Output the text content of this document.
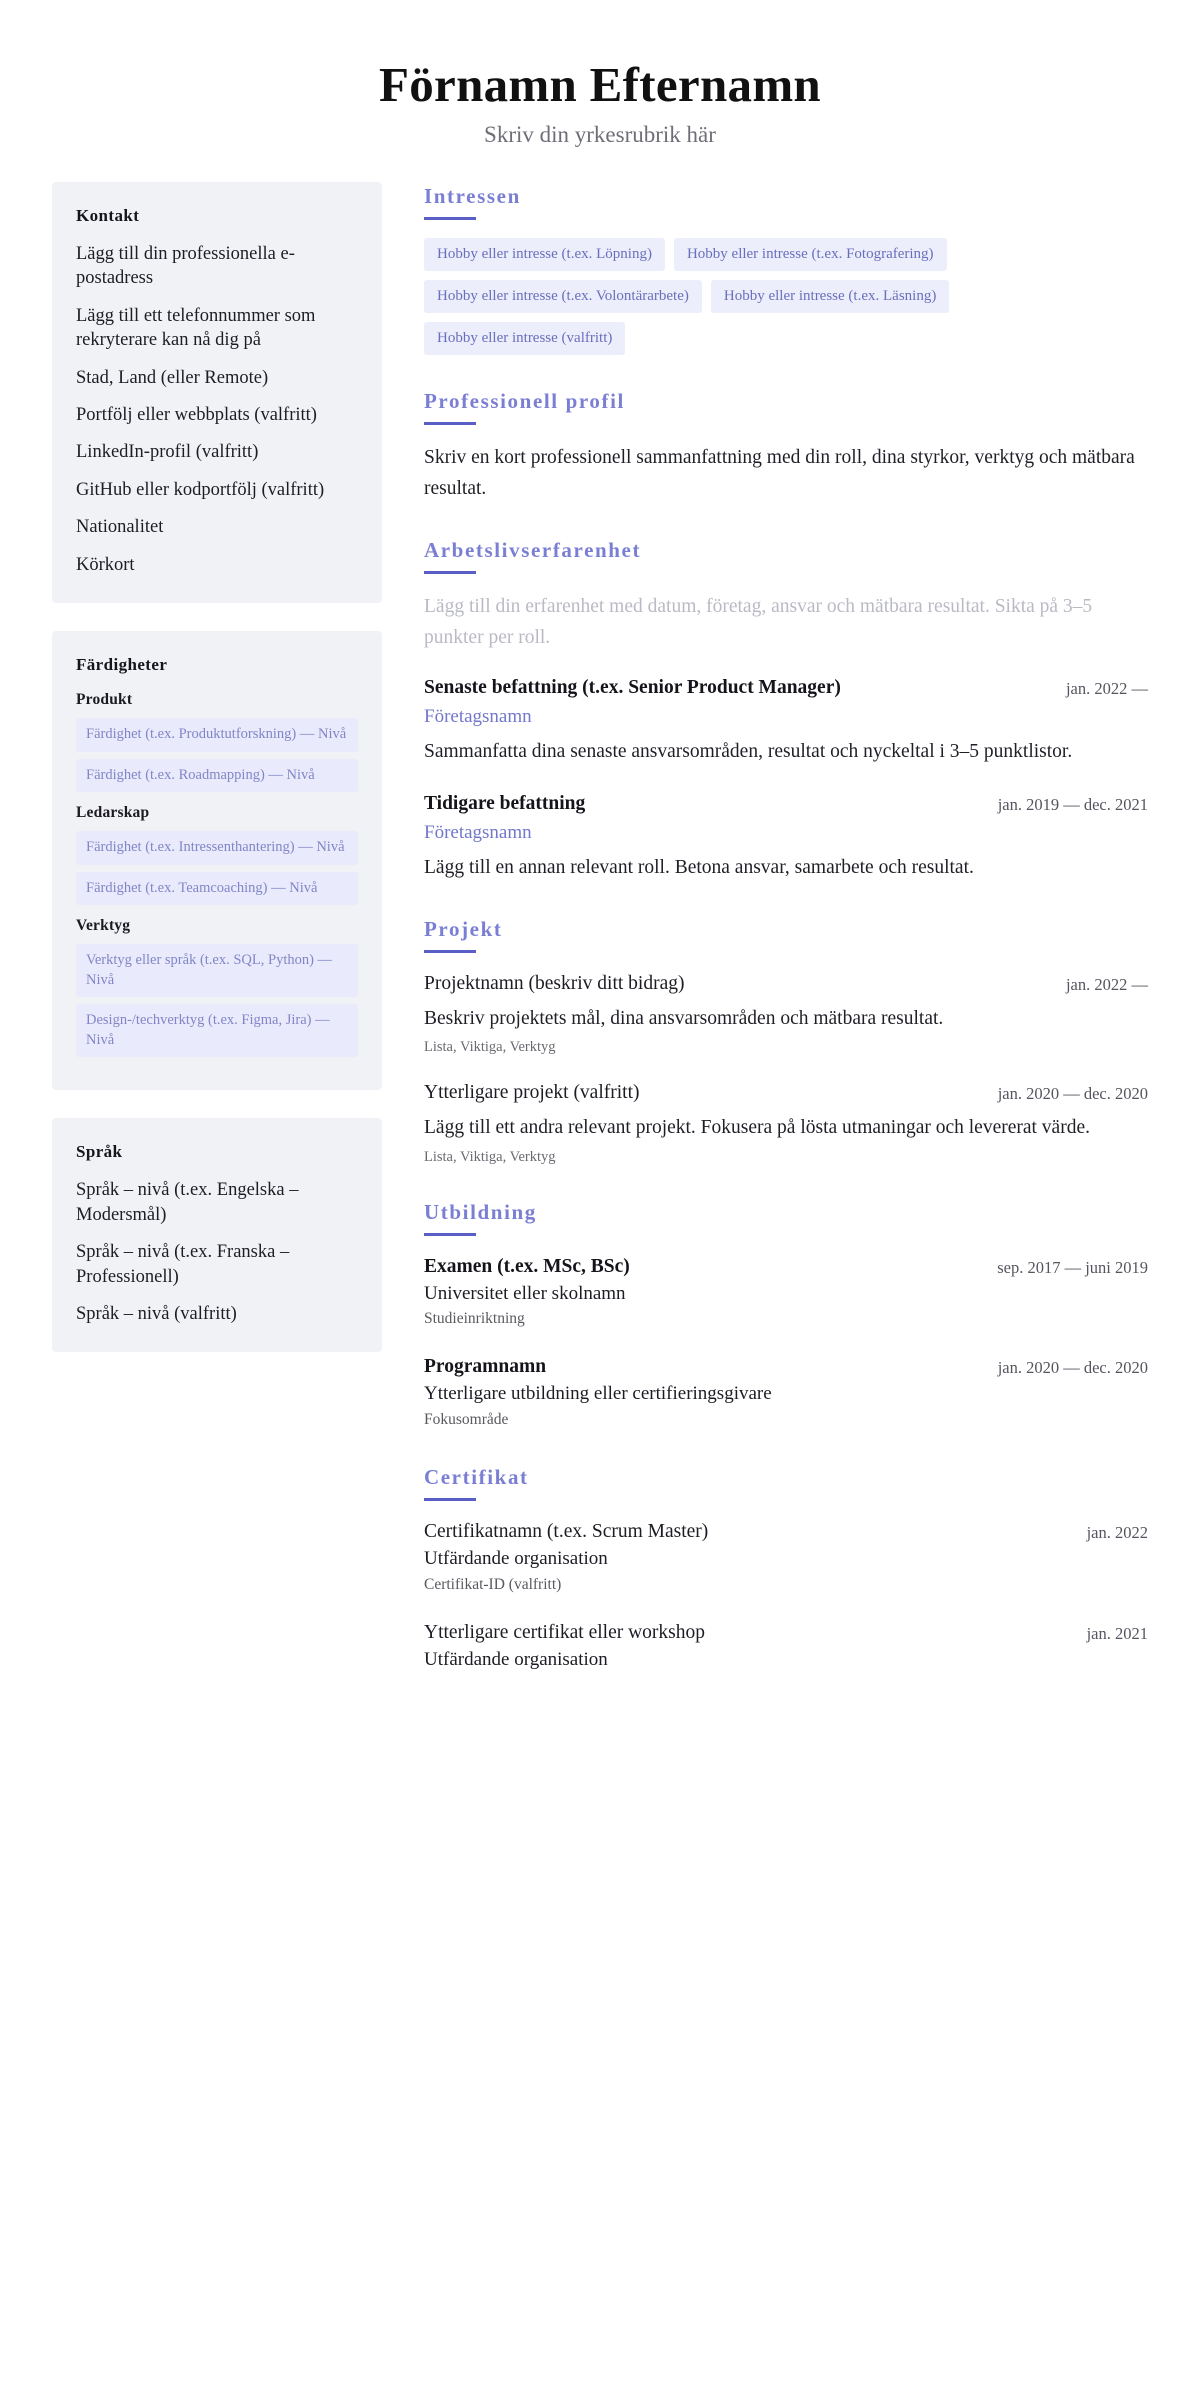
Förnamn Efternamn

Skriv din yrkesrubrik här

Kontakt
Lägg till din professionella e-postadress
Lägg till ett telefonnummer som rekryterare kan nå dig på
Stad, Land (eller Remote)
Portfölj eller webbplats (valfritt)
LinkedIn-profil (valfritt)
GitHub eller kodportfölj (valfritt)
Nationalitet
Körkort
Färdigheter
Produkt
Färdighet (t.ex. Produktutforskning) — Nivå
Färdighet (t.ex. Roadmapping) — Nivå
Ledarskap
Färdighet (t.ex. Intressenthantering) — Nivå
Färdighet (t.ex. Teamcoaching) — Nivå
Verktyg
Verktyg eller språk (t.ex. SQL, Python) — Nivå
Design-/techverktyg (t.ex. Figma, Jira) — Nivå
Språk
Språk – nivå (t.ex. Engelska – Modersmål)
Språk – nivå (t.ex. Franska – Professionell)
Språk – nivå (valfritt)
Intressen
Hobby eller intresse (t.ex. Löpning)	Hobby eller intresse (t.ex. Fotografering)
Hobby eller intresse (t.ex. Volontärarbete)	Hobby eller intresse (t.ex. Läsning)
Hobby eller intresse (valfritt)
Professionell profil

Skriv en kort professionell sammanfattning med din roll, dina styrkor, verktyg och mätbara resultat.

Arbetslivserfarenhet

Lägg till din erfarenhet med datum, företag, ansvar och mätbara resultat. Sikta på 3–5 punkter per roll.

Senaste befattning (t.ex. Senior Product Manager)	jan. 2022 —
Företagsnamn
Sammanfatta dina senaste ansvarsområden, resultat och nyckeltal i 3–5 punktlistor.
Tidigare befattning	jan. 2019 — dec. 2021
Företagsnamn
Lägg till en annan relevant roll. Betona ansvar, samarbete och resultat.
Projekt
Projektnamn (beskriv ditt bidrag)	jan. 2022 —
Beskriv projektets mål, dina ansvarsområden och mätbara resultat.
Lista, Viktiga, Verktyg
Ytterligare projekt (valfritt)	jan. 2020 — dec. 2020
Lägg till ett andra relevant projekt. Fokusera på lösta utmaningar och levererat värde.
Lista, Viktiga, Verktyg
Utbildning
Examen (t.ex. MSc, BSc)	sep. 2017 — juni 2019
Universitet eller skolnamn
Studieinriktning
Programnamn	jan. 2020 — dec. 2020
Ytterligare utbildning eller certifieringsgivare
Fokusområde
Certifikat
Certifikatnamn (t.ex. Scrum Master)	jan. 2022
Utfärdande organisation
Certifikat-ID (valfritt)
Ytterligare certifikat eller workshop	jan. 2021
Utfärdande organisation
